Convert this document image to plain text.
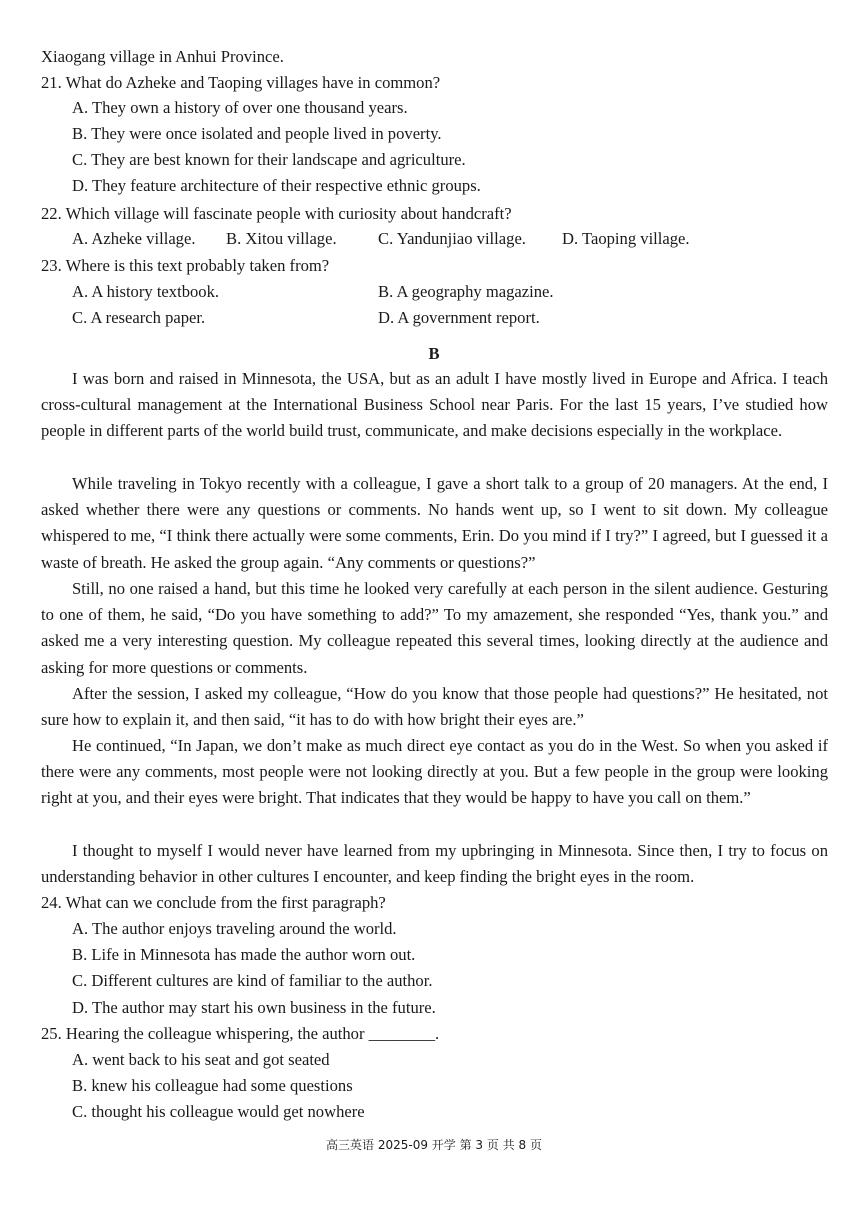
Xiaogang village in Anhui Province.
21. What do Azheke and Taoping villages have in common?
A. They own a history of over one thousand years.
B. They were once isolated and people lived in poverty.
C. They are best known for their landscape and agriculture.
D. They feature architecture of their respective ethnic groups.
22. Which village will fascinate people with curiosity about handcraft?
A. Azheke village. B. Xitou village. C. Yandunjiao village. D. Taoping village.
23. Where is this text probably taken from?
A. A history textbook.	B. A geography magazine.
C. A research paper.	D. A government report.
B

I was born and raised in Minnesota, the USA, but as an adult I have mostly lived in Europe and Africa. I teach cross-cultural management at the International Business School near Paris. For the last 15 years, I’ve studied how people in different parts of the world build trust, communicate, and make decisions especially in the workplace.

While traveling in Tokyo recently with a colleague, I gave a short talk to a group of 20 managers. At the end, I asked whether there were any questions or comments. No hands went up, so I went to sit down. My colleague whispered to me, “I think there actually were some comments, Erin. Do you mind if I try?” I agreed, but I guessed it a waste of breath. He asked the group again. “Any comments or questions?”

Still, no one raised a hand, but this time he looked very carefully at each person in the silent audience. Gesturing to one of them, he said, “Do you have something to add?” To my amazement, she responded “Yes, thank you.” and asked me a very interesting question. My colleague repeated this several times, looking directly at the audience and asking for more questions or comments.

After the session, I asked my colleague, “How do you know that those people had questions?” He hesitated, not sure how to explain it, and then said, “it has to do with how bright their eyes are.”

He continued, “In Japan, we don’t make as much direct eye contact as you do in the West. So when you asked if there were any comments, most people were not looking directly at you. But a few people in the group were looking right at you, and their eyes were bright. That indicates that they would be happy to have you call on them.”

I thought to myself I would never have learned from my upbringing in Minnesota. Since then, I try to focus on understanding behavior in other cultures I encounter, and keep finding the bright eyes in the room.

24. What can we conclude from the first paragraph?
A. The author enjoys traveling around the world.
B. Life in Minnesota has made the author worn out.
C. Different cultures are kind of familiar to the author.
D. The author may start his own business in the future.
25. Hearing the colleague whispering, the author ________.
A. went back to his seat and got seated
B. knew his colleague had some questions
C. thought his colleague would get nowhere
高三英语 2025-09 开学 第 3 页 共 8 页
